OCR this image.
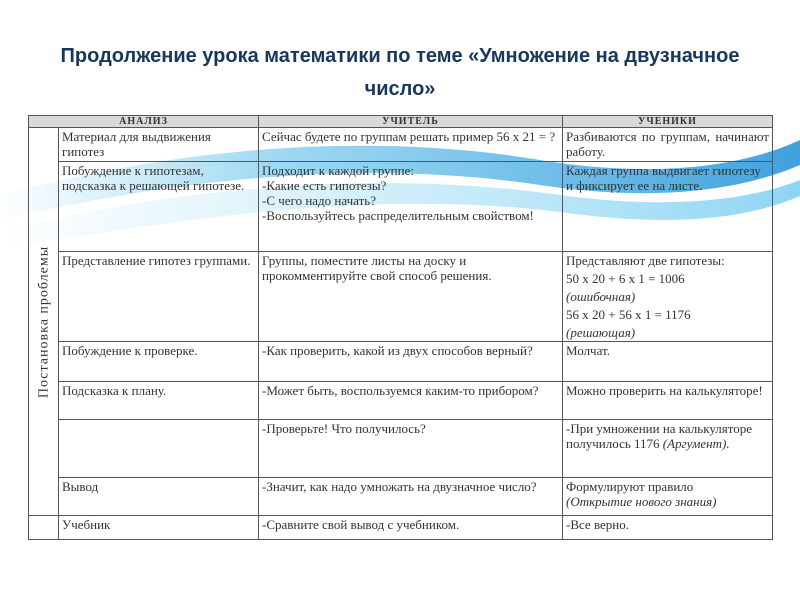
Продолжение урока математики по теме «Умножение на двузначное число»
АНАЛИЗ		УЧИТЕЛЬ	УЧЕНИКИ

Постановка проблемы	Материал для выдвижения гипотез	Сейчас будете по группам решать пример 56 х 21 = ?	Разбиваются по группам, начинают работу.
	Побуждение к гипотезам, подсказка к решающей гипотезе.	Подходит к каждой группе:
-Какие есть гипотезы?
-С чего надо начать?
-Воспользуйтесь распределительным свойством!	Каждая группа выдвигает гипотезу и фиксирует ее на листе.
	Представление гипотез группами.	Группы, поместите листы на доску и прокомментируйте свой способ решения.	Представляют две гипотезы:
50 х 20 + 6 х 1 = 1006
(ошибочная)
56 х 20 + 56 х 1 = 1176
(решающая)

	Побуждение к проверке.	-Как проверить, какой из двух способов верный?	Молчат.
	Подсказка к плану.	-Может быть, воспользуемся каким-то прибором?	Можно проверить на калькуляторе!
		-Проверьте! Что получилось?	-При умножении на калькуляторе получилось 1176 (Аргумент).
	Вывод	-Значит, как надо умножать на двузначное число?	Формулируют правило
(Открытие нового знания)

	Учебник	-Сравните свой вывод с учебником.	-Все верно.
